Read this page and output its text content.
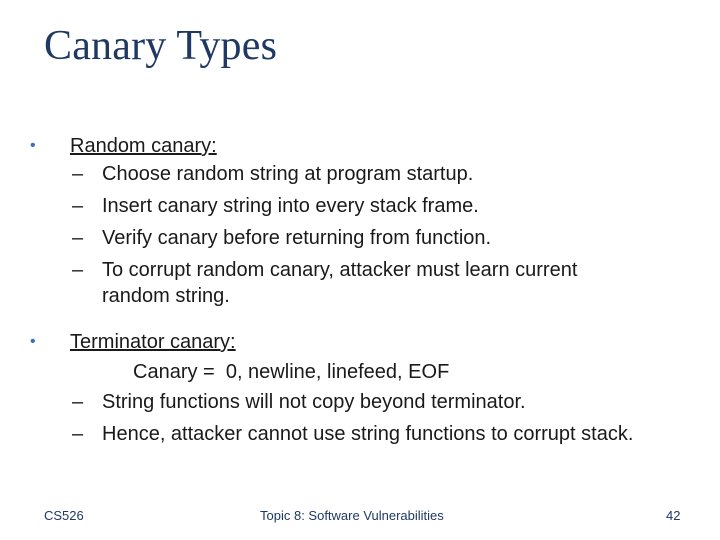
Canary Types
•	Random canary:
– Choose random string at program startup.
– Insert canary string into every stack frame.
– Verify canary before returning from function.
– To corrupt random canary, attacker must learn current random string.
•	Terminator canary:
Canary =  0, newline, linefeed, EOF
– String functions will not copy beyond terminator.
– Hence, attacker cannot use string functions to corrupt stack.
CS526	Topic 8: Software Vulnerabilities	42
